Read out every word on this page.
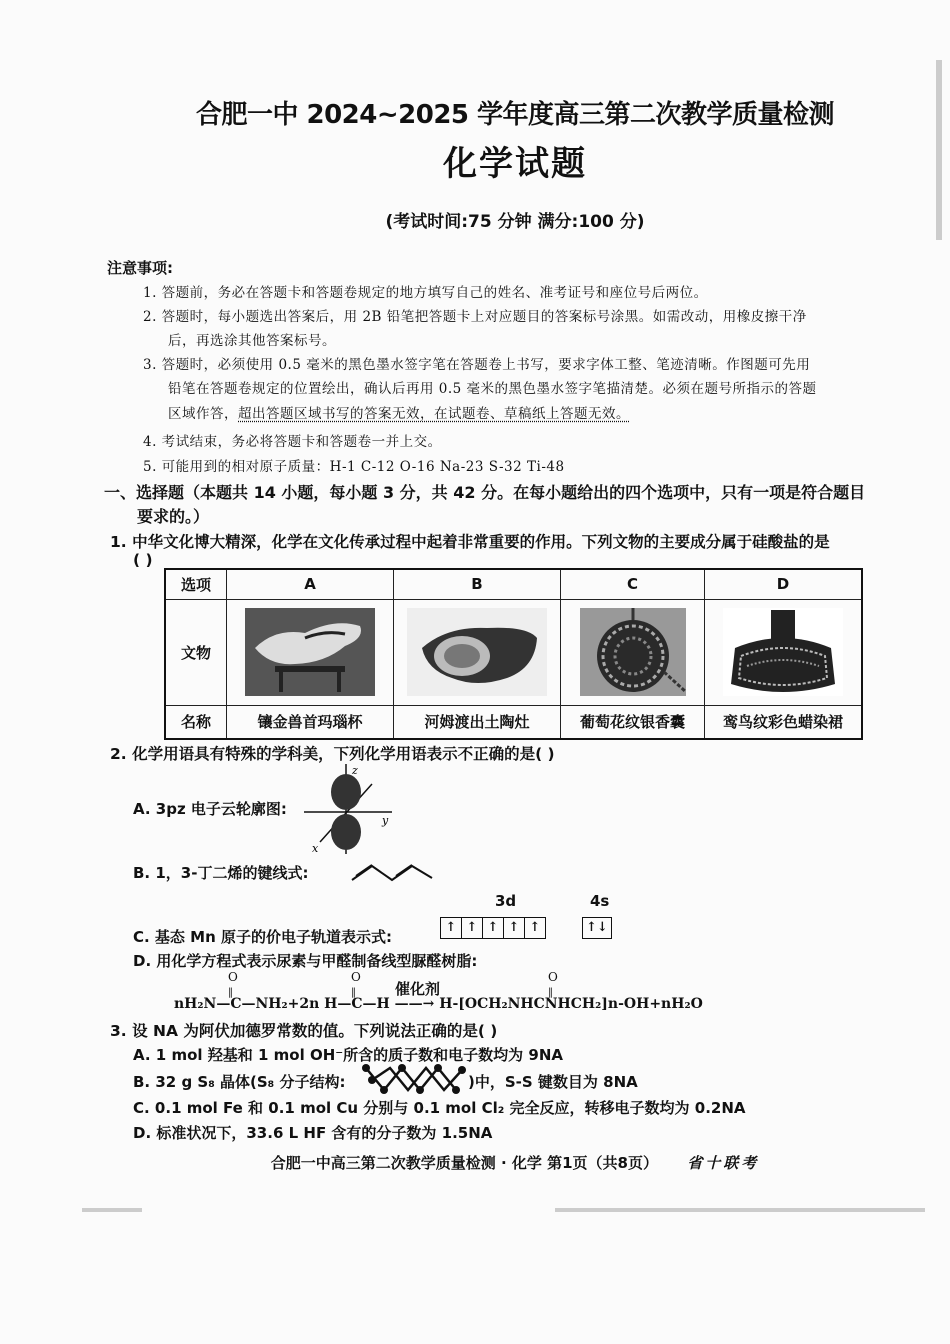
合肥一中 2024~2025 学年度高三第二次教学质量检测
化学试题
(考试时间:75 分钟 满分:100 分)
注意事项:
1. 答题前，务必在答题卡和答题卷规定的地方填写自己的姓名、准考证号和座位号后两位。
2. 答题时，每小题选出答案后，用 2B 铅笔把答题卡上对应题目的答案标号涂黑。如需改动，用橡皮擦干净
后，再选涂其他答案标号。
3. 答题时，必须使用 0.5 毫米的黑色墨水签字笔在答题卷上书写，要求字体工整、笔迹清晰。作图题可先用
铅笔在答题卷规定的位置绘出，确认后再用 0.5 毫米的黑色墨水签字笔描清楚。必须在题号所指示的答题
区域作答，超出答题区域书写的答案无效，在试题卷、草稿纸上答题无效。
4. 考试结束，务必将答题卡和答题卷一并上交。
5. 可能用到的相对原子质量：H-1 C-12 O-16 Na-23 S-32 Ti-48
一、选择题（本题共 14 小题，每小题 3 分，共 42 分。在每小题给出的四个选项中，只有一项是符合题目
要求的。）
1. 中华文化博大精深，化学在文化传承过程中起着非常重要的作用。下列文物的主要成分属于硅酸盐的是
( )
选项	A	B	C	D
文物	

名称	镶金兽首玛瑙杯	河姆渡出土陶灶	葡萄花纹银香囊	鸾鸟纹彩色蜡染裙
2. 化学用语具有特殊的学科美，下列化学用语表示不正确的是( )
A. 3pz 电子云轮廓图:
z
y
x
B. 1，3-丁二烯的键线式:
3d	4s
C. 基态 Mn 原子的价电子轨道表示式:
↑ ↑ ↑ ↑ ↑	↑↓
D. 用化学方程式表示尿素与甲醛制备线型脲醛树脂:
O
‖
O
‖
O
‖
催化剂
nH₂N—C—NH₂+2n H—C—H ——→ H-[OCH₂NHCNHCH₂]n-OH+nH₂O
3. 设 NA 为阿伏加德罗常数的值。下列说法正确的是( )
A. 1 mol 羟基和 1 mol OH⁻所含的质子数和电子数均为 9NA
B. 32 g S₈ 晶体(S₈ 分子结构:	)中，S-S 键数目为 8NA
C. 0.1 mol Fe 和 0.1 mol Cu 分别与 0.1 mol Cl₂ 完全反应，转移电子数均为 0.2NA
D. 标准状况下，33.6 L HF 含有的分子数为 1.5NA
合肥一中高三第二次教学质量检测 · 化学 第1页（共8页） 省十联考
